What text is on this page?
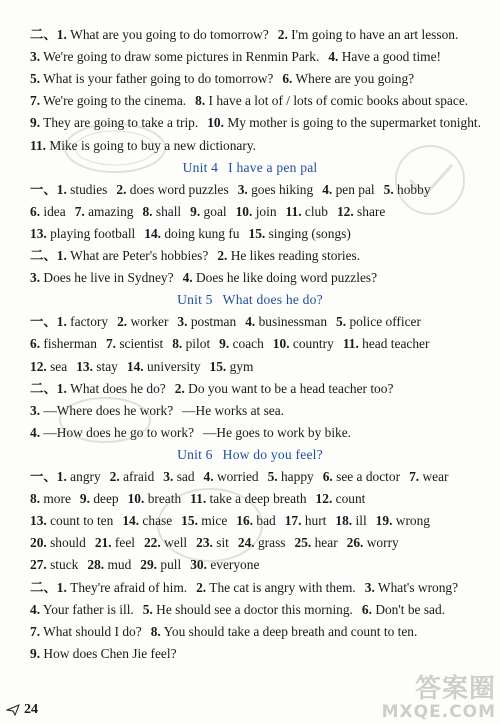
二、1. What are you going to do tomorrow? 2. I'm going to have an art lesson.
3. We're going to draw some pictures in Renmin Park. 4. Have a good time!
5. What is your father going to do tomorrow? 6. Where are you going?
7. We're going to the cinema. 8. I have a lot of / lots of comic books about space.
9. They are going to take a trip. 10. My mother is going to the supermarket tonight.
11. Mike is going to buy a new dictionary.
Unit 4 I have a pen pal
一、1. studies 2. does word puzzles 3. goes hiking 4. pen pal 5. hobby
6. idea 7. amazing 8. shall 9. goal 10. join 11. club 12. share
13. playing football 14. doing kung fu 15. singing (songs)
二、1. What are Peter's hobbies? 2. He likes reading stories.
3. Does he live in Sydney? 4. Does he like doing word puzzles?
Unit 5 What does he do?
一、1. factory 2. worker 3. postman 4. businessman 5. police officer
6. fisherman 7. scientist 8. pilot 9. coach 10. country 11. head teacher
12. sea 13. stay 14. university 15. gym
二、1. What does he do? 2. Do you want to be a head teacher too?
3. —Where does he work? —He works at sea.
4. —How does he go to work? —He goes to work by bike.
Unit 6 How do you feel?
一、1. angry 2. afraid 3. sad 4. worried 5. happy 6. see a doctor 7. wear
8. more 9. deep 10. breath 11. take a deep breath 12. count
13. count to ten 14. chase 15. mice 16. bad 17. hurt 18. ill 19. wrong
20. should 21. feel 22. well 23. sit 24. grass 25. hear 26. worry
27. stuck 28. mud 29. pull 30. everyone
二、1. They're afraid of him. 2. The cat is angry with them. 3. What's wrong?
4. Your father is ill. 5. He should see a doctor this morning. 6. Don't be sad.
7. What should I do? 8. You should take a deep breath and count to ten.
9. How does Chen Jie feel?
24
答案圈
MXQE.COM
